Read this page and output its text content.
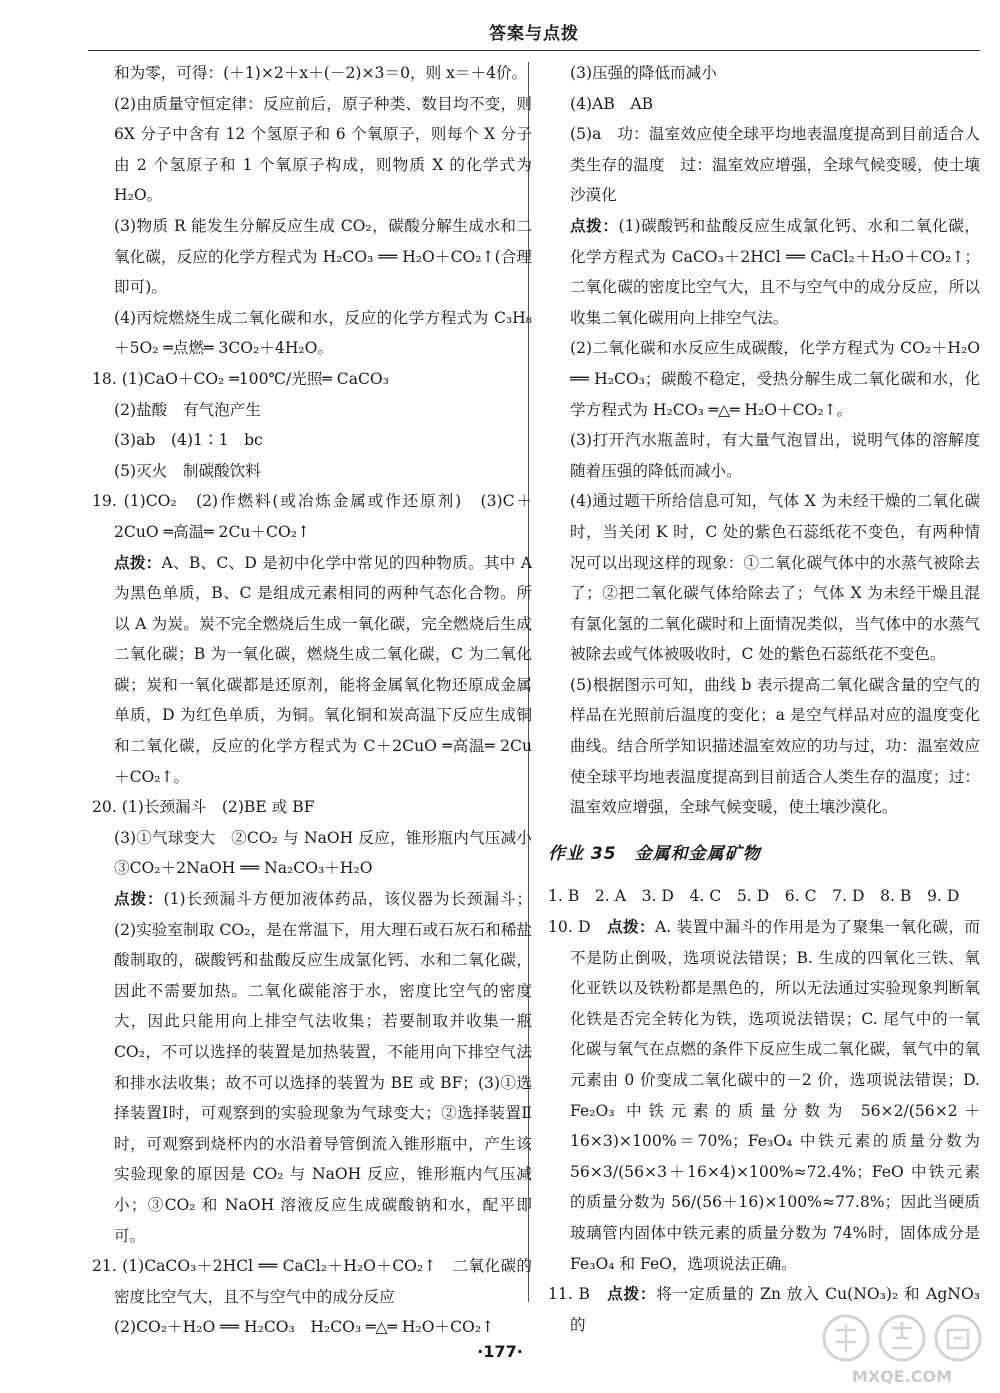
答案与点拨

和为零，可得：(＋1)×2＋x＋(－2)×3＝0，则 x＝＋4价。

(2)由质量守恒定律：反应前后，原子种类、数目均不变，则 6X 分子中含有 12 个氢原子和 6 个氧原子，则每个 X 分子由 2 个氢原子和 1 个氧原子构成，则物质 X 的化学式为 H₂O。

(3)物质 R 能发生分解反应生成 CO₂，碳酸分解生成水和二氧化碳，反应的化学方程式为 H₂CO₃ ══ H₂O＋CO₂↑(合理即可)。

(4)丙烷燃烧生成二氧化碳和水，反应的化学方程式为 C₃H₈＋5O₂ ═点燃═ 3CO₂＋4H₂O。

18. (1)CaO＋CO₂ ═100℃/光照═ CaCO₃

(2)盐酸　有气泡产生

(3)ab　(4)1∶1　bc

(5)灭火　制碳酸饮料

19. (1)CO₂　(2)作燃料(或冶炼金属或作还原剂)　(3)C＋2CuO ═高温═ 2Cu＋CO₂↑

点拨：A、B、C、D 是初中化学中常见的四种物质。其中 A 为黑色单质，B、C 是组成元素相同的两种气态化合物。所以 A 为炭。炭不完全燃烧后生成一氧化碳，完全燃烧后生成二氧化碳；B 为一氧化碳，燃烧生成二氧化碳，C 为二氧化碳；炭和一氧化碳都是还原剂，能将金属氧化物还原成金属单质，D 为红色单质，为铜。氧化铜和炭高温下反应生成铜和二氧化碳，反应的化学方程式为 C＋2CuO ═高温═ 2Cu＋CO₂↑。

20. (1)长颈漏斗　(2)BE 或 BF

(3)①气球变大　②CO₂ 与 NaOH 反应，锥形瓶内气压减小　③CO₂＋2NaOH ══ Na₂CO₃＋H₂O

点拨：(1)长颈漏斗方便加液体药品，该仪器为长颈漏斗；(2)实验室制取 CO₂，是在常温下，用大理石或石灰石和稀盐酸制取的，碳酸钙和盐酸反应生成氯化钙、水和二氧化碳，因此不需要加热。二氧化碳能溶于水，密度比空气的密度大，因此只能用向上排空气法收集；若要制取并收集一瓶 CO₂，不可以选择的装置是加热装置，不能用向下排空气法和排水法收集；故不可以选择的装置为 BE 或 BF；(3)①选择装置Ⅰ时，可观察到的实验现象为气球变大；②选择装置Ⅱ时，可观察到烧杯内的水沿着导管倒流入锥形瓶中，产生该实验现象的原因是 CO₂ 与 NaOH 反应，锥形瓶内气压减小；③CO₂ 和 NaOH 溶液反应生成碳酸钠和水，配平即可。

21. (1)CaCO₃＋2HCl ══ CaCl₂＋H₂O＋CO₂↑　二氧化碳的密度比空气大，且不与空气中的成分反应

(2)CO₂＋H₂O ══ H₂CO₃　H₂CO₃ ═△═ H₂O＋CO₂↑

(3)压强的降低而减小

(4)AB　AB

(5)a　功：温室效应使全球平均地表温度提高到目前适合人类生存的温度　过：温室效应增强，全球气候变暖，使土壤沙漠化

点拨：(1)碳酸钙和盐酸反应生成氯化钙、水和二氧化碳，化学方程式为 CaCO₃＋2HCl ══ CaCl₂＋H₂O＋CO₂↑；二氧化碳的密度比空气大，且不与空气中的成分反应，所以收集二氧化碳用向上排空气法。

(2)二氧化碳和水反应生成碳酸，化学方程式为 CO₂＋H₂O ══ H₂CO₃；碳酸不稳定，受热分解生成二氧化碳和水，化学方程式为 H₂CO₃ ═△═ H₂O＋CO₂↑。

(3)打开汽水瓶盖时，有大量气泡冒出，说明气体的溶解度随着压强的降低而减小。

(4)通过题干所给信息可知，气体 X 为未经干燥的二氧化碳时，当关闭 K 时，C 处的紫色石蕊纸花不变色，有两种情况可以出现这样的现象：①二氧化碳气体中的水蒸气被除去了；②把二氧化碳气体给除去了；气体 X 为未经干燥且混有氯化氢的二氧化碳时和上面情况类似，当气体中的水蒸气被除去或气体被吸收时，C 处的紫色石蕊纸花不变色。

(5)根据图示可知，曲线 b 表示提高二氧化碳含量的空气的样品在光照前后温度的变化；a 是空气样品对应的温度变化曲线。结合所学知识描述温室效应的功与过，功：温室效应使全球平均地表温度提高到目前适合人类生存的温度；过：温室效应增强，全球气候变暖，使土壤沙漠化。

作业 35　金属和金属矿物

1. B　2. A　3. D　4. C　5. D　6. C　7. D　8. B　9. D

10. D　点拨：A. 装置中漏斗的作用是为了聚集一氧化碳，而不是防止倒吸，选项说法错误；B. 生成的四氧化三铁、氧化亚铁以及铁粉都是黑色的，所以无法通过实验现象判断氧化铁是否完全转化为铁，选项说法错误；C. 尾气中的一氧化碳与氧气在点燃的条件下反应生成二氧化碳，氧气中的氧元素由 0 价变成二氧化碳中的－2 价，选项说法错误；D. Fe₂O₃ 中铁元素的质量分数为 56×2/(56×2＋16×3)×100%＝70%；Fe₃O₄ 中铁元素的质量分数为 56×3/(56×3＋16×4)×100%≈72.4%；FeO 中铁元素的质量分数为 56/(56＋16)×100%≈77.8%；因此当硬质玻璃管内固体中铁元素的质量分数为 74%时，固体成分是 Fe₃O₄ 和 FeO，选项说法正确。

11. B　点拨：将一定质量的 Zn 放入 Cu(NO₃)₂ 和 AgNO₃ 的

·177·
MXQE.COM
